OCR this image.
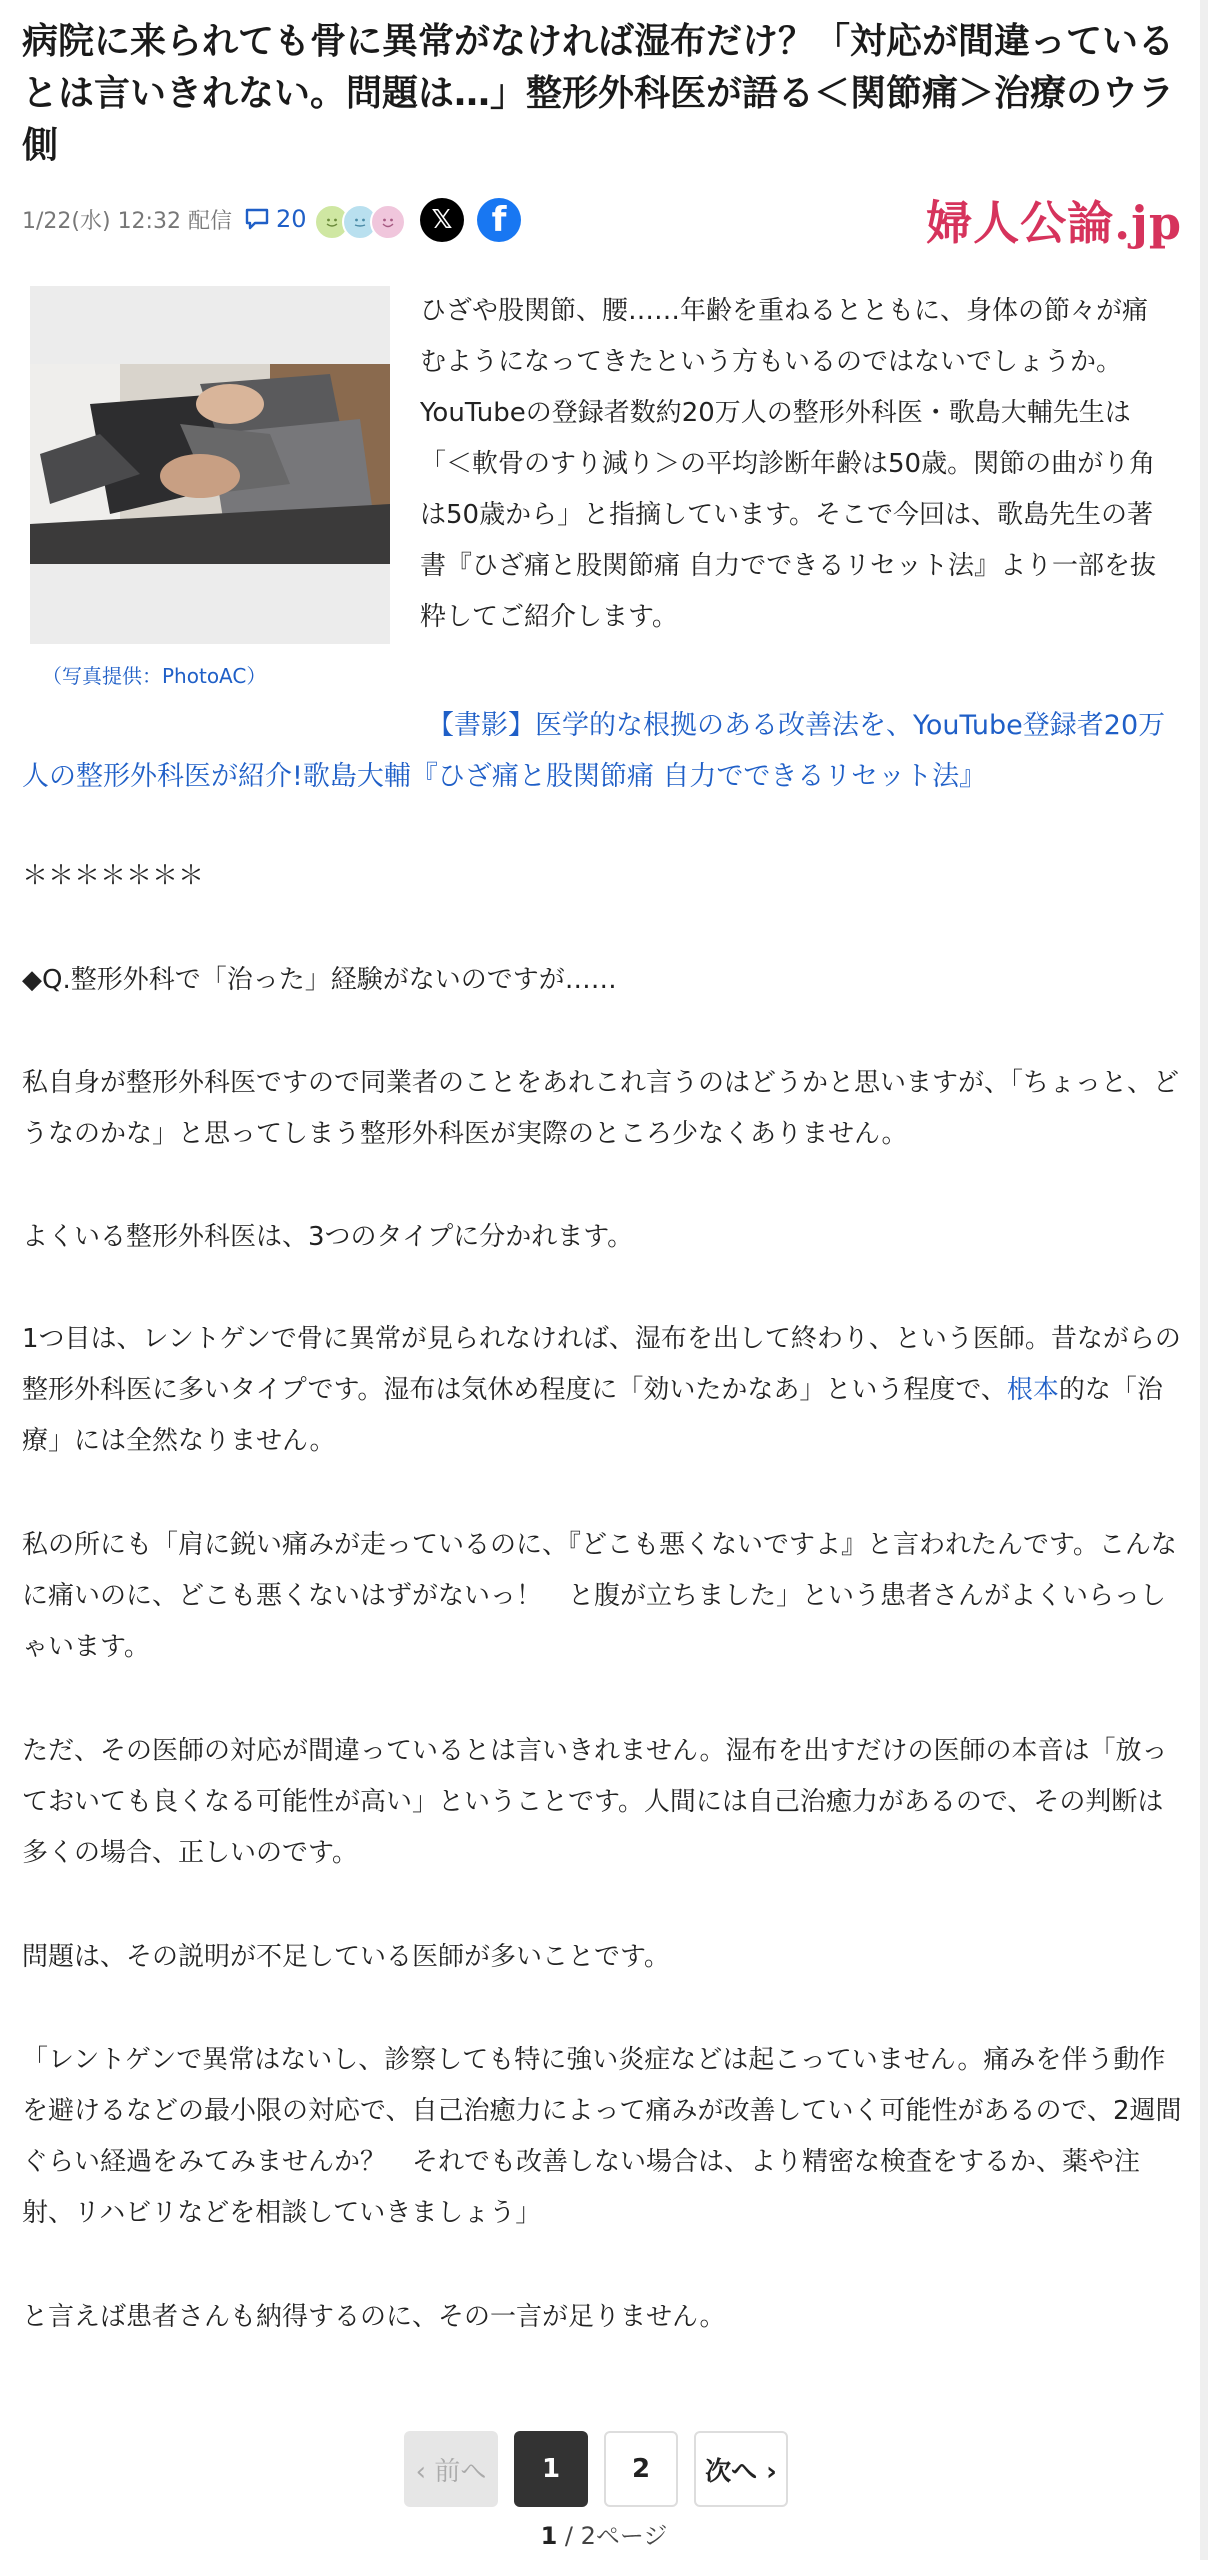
病院に来られても骨に異常がなければ湿布だけ？「対応が間違っているとは言いきれない。問題は…」整形外科医が語る＜関節痛＞治療のウラ側
1/22(水) 12:32 配信 20	𝕏 f	婦人公論.jp
（写真提供：PhotoAC）

ひざや股関節、腰……年齢を重ねるとともに、身体の節々が痛むようになってきたという方もいるのではないでしょうか。YouTubeの登録者数約20万人の整形外科医・歌島大輔先生は「＜軟骨のすり減り＞の平均診断年齢は50歳。関節の曲がり角は50歳から」と指摘しています。そこで今回は、歌島先生の著書『ひざ痛と股関節痛 自力でできるリセット法』より一部を抜粋してご紹介します。

【書影】医学的な根拠のある改善法を、YouTube登録者20万人の整形外科医が紹介!歌島大輔『ひざ痛と股関節痛 自力でできるリセット法』

＊＊＊＊＊＊＊

◆Q.整形外科で「治った」経験がないのですが……

私自身が整形外科医ですので同業者のことをあれこれ言うのはどうかと思いますが、「ちょっと、どうなのかな」と思ってしまう整形外科医が実際のところ少なくありません。

よくいる整形外科医は、3つのタイプに分かれます。

1つ目は、レントゲンで骨に異常が見られなければ、湿布を出して終わり、という医師。昔ながらの整形外科医に多いタイプです。湿布は気休め程度に「効いたかなあ」という程度で、根本的な「治療」には全然なりません。

私の所にも「肩に鋭い痛みが走っているのに、『どこも悪くないですよ』と言われたんです。こんなに痛いのに、どこも悪くないはずがないっ！　と腹が立ちました」という患者さんがよくいらっしゃいます。

ただ、その医師の対応が間違っているとは言いきれません。湿布を出すだけの医師の本音は「放っておいても良くなる可能性が高い」ということです。人間には自己治癒力があるので、その判断は多くの場合、正しいのです。

問題は、その説明が不足している医師が多いことです。

「レントゲンで異常はないし、診察しても特に強い炎症などは起こっていません。痛みを伴う動作を避けるなどの最小限の対応で、自己治癒力によって痛みが改善していく可能性があるので、2週間ぐらい経過をみてみませんか？　それでも改善しない場合は、より精密な検査をするか、薬や注射、リハビリなどを相談していきましょう」

と言えば患者さんも納得するのに、その一言が足りません。

‹ 前へ	1	2	次へ ›
1 / 2ページ
